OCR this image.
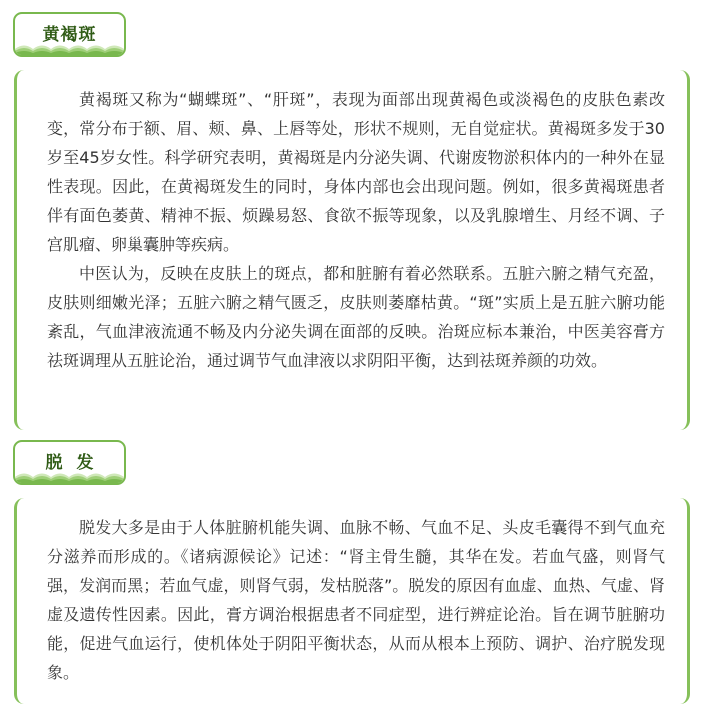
黄褐斑

黄褐斑又称为“蝴蝶斑”、“肝斑”，表现为面部出现黄褐色或淡褐色的皮肤色素改变，常分布于额、眉、颊、鼻、上唇等处，形状不规则，无自觉症状。黄褐斑多发于30岁至45岁女性。科学研究表明，黄褐斑是内分泌失调、代谢废物淤积体内的一种外在显性表现。因此，在黄褐斑发生的同时，身体内部也会出现问题。例如，很多黄褐斑患者伴有面色萎黄、精神不振、烦躁易怒、食欲不振等现象，以及乳腺增生、月经不调、子宫肌瘤、卵巢囊肿等疾病。

中医认为，反映在皮肤上的斑点，都和脏腑有着必然联系。五脏六腑之精气充盈，皮肤则细嫩光泽；五脏六腑之精气匮乏，皮肤则萎靡枯黄。“斑”实质上是五脏六腑功能紊乱，气血津液流通不畅及内分泌失调在面部的反映。治斑应标本兼治，中医美容膏方祛斑调理从五脏论治，通过调节气血津液以求阴阳平衡，达到祛斑养颜的功效。

脱发

脱发大多是由于人体脏腑机能失调、血脉不畅、气血不足、头皮毛囊得不到气血充分滋养而形成的。《诸病源候论》记述：“肾主骨生髓，其华在发。若血气盛，则肾气强，发润而黑；若血气虚，则肾气弱，发枯脱落”。脱发的原因有血虚、血热、气虚、肾虚及遗传性因素。因此，膏方调治根据患者不同症型，进行辨症论治。旨在调节脏腑功能，促进气血运行，使机体处于阴阳平衡状态，从而从根本上预防、调护、治疗脱发现象。
